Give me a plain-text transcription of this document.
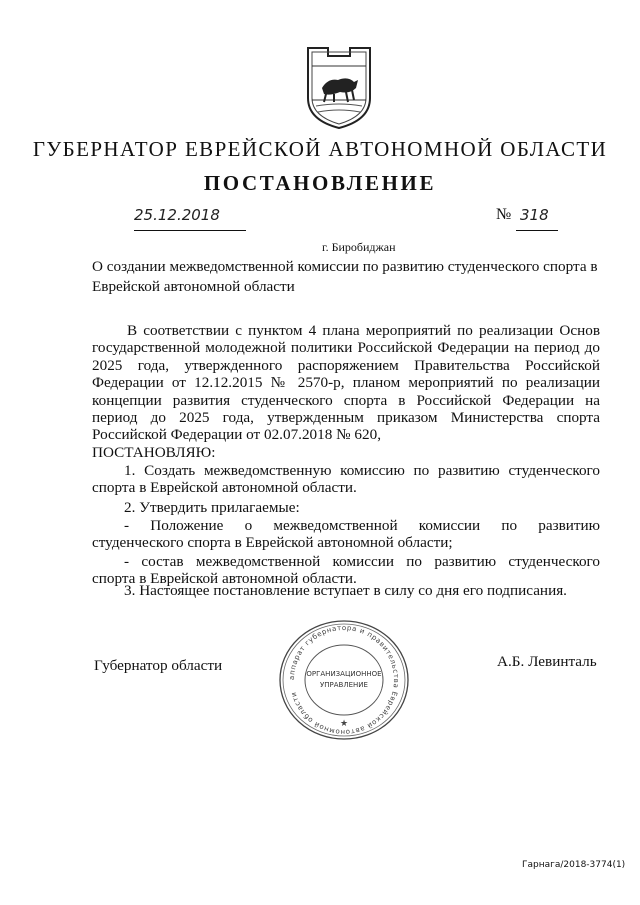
ГУБЕРНАТОР ЕВРЕЙСКОЙ АВТОНОМНОЙ ОБЛАСТИ
ПОСТАНОВЛЕНИЕ
25.12.2018	№ 318
г. Биробиджан
О создании межведомственной комиссии по развитию студенческого спорта в Еврейской автономной области
В соответствии с пунктом 4 плана мероприятий по реализации Основ
государственной молодежной политики Российской Федерации на период до
2025 года, утвержденного распоряжением Правительства Российской
Федерации от 12.12.2015 № 2570-р, планом мероприятий по реализации
концепции развития студенческого спорта в Российской Федерации на
период до 2025 года, утвержденным приказом Министерства спорта
Российской Федерации от 02.07.2018 № 620,
ПОСТАНОВЛЯЮ:
1. Создать межведомственную комиссию по развитию студенческого
спорта в Еврейской автономной области.
2. Утвердить прилагаемые:
- Положение о межведомственной комиссии по развитию
студенческого спорта в Еврейской автономной области;
- состав межведомственной комиссии по развитию студенческого
спорта в Еврейской автономной области.
3. Настоящее постановление вступает в силу со дня его подписания.
Губернатор области	А.Б. Левинталь
аппарат губернатора и правительства Еврейской автономной области
ОРГАНИЗАЦИОННОЕ
УПРАВЛЕНИЕ
★
Гарнага/2018-3774(1)
